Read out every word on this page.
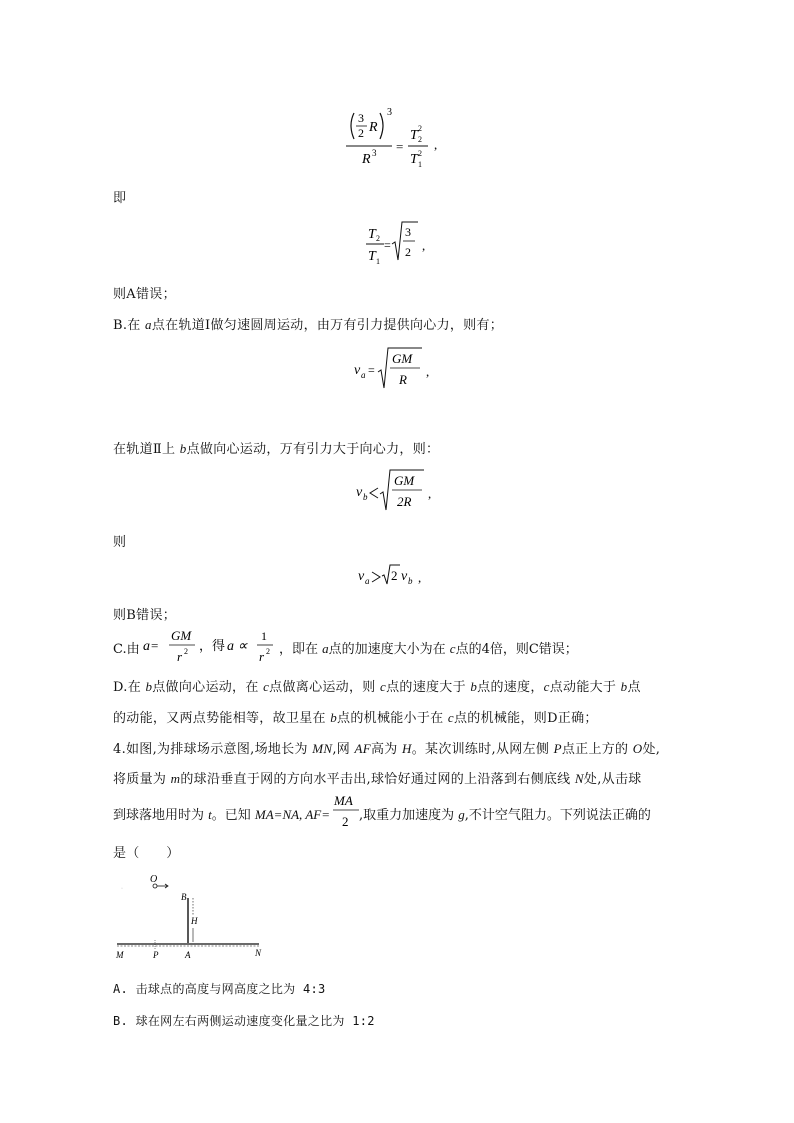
3
2 R
3
R 3 =
T 2
2
T 1
2
,
即
T 2
T 1
=
3
2 ,
则A错误；
B.在 a点在轨道Ⅰ做匀速圆周运动，由万有引力提供向心力，则有；
v a =
GM
R
,
在轨道Ⅱ上 b点做向心运动，万有引力大于向心力，则：
v b
GM
2R
,
则
v a 2 v b ,
则B错误；
C.由 a =
GM
r 2 ，得 a ∝
1
r 2 ，即在 a点的加速度大小为在 c点的4倍，则C错误；
D.在 b点做向心运动，在 c点做离心运动，则 c点的速度大于 b点的速度，c点动能大于 b点
的动能，又两点势能相等，故卫星在 b点的机械能小于在 c点的机械能，则D正确；
4.如图,为排球场示意图,场地长为 MN,网 AF高为 H。某次训练时,从网左侧 P点正上方的 O处,
将质量为 m的球沿垂直于网的方向水平击出,球恰好通过网的上沿落到右侧底线 N处,从击球
到球落地用时为 t。已知 MA=NA, AF=
MA
2 ,取重力加速度为 g,不计空气阻力。下列说法正确的
是（　　）
·
O
B
H
M	P	A	N
A. 击球点的高度与网高度之比为 4:3
B. 球在网左右两侧运动速度变化量之比为 1:2
